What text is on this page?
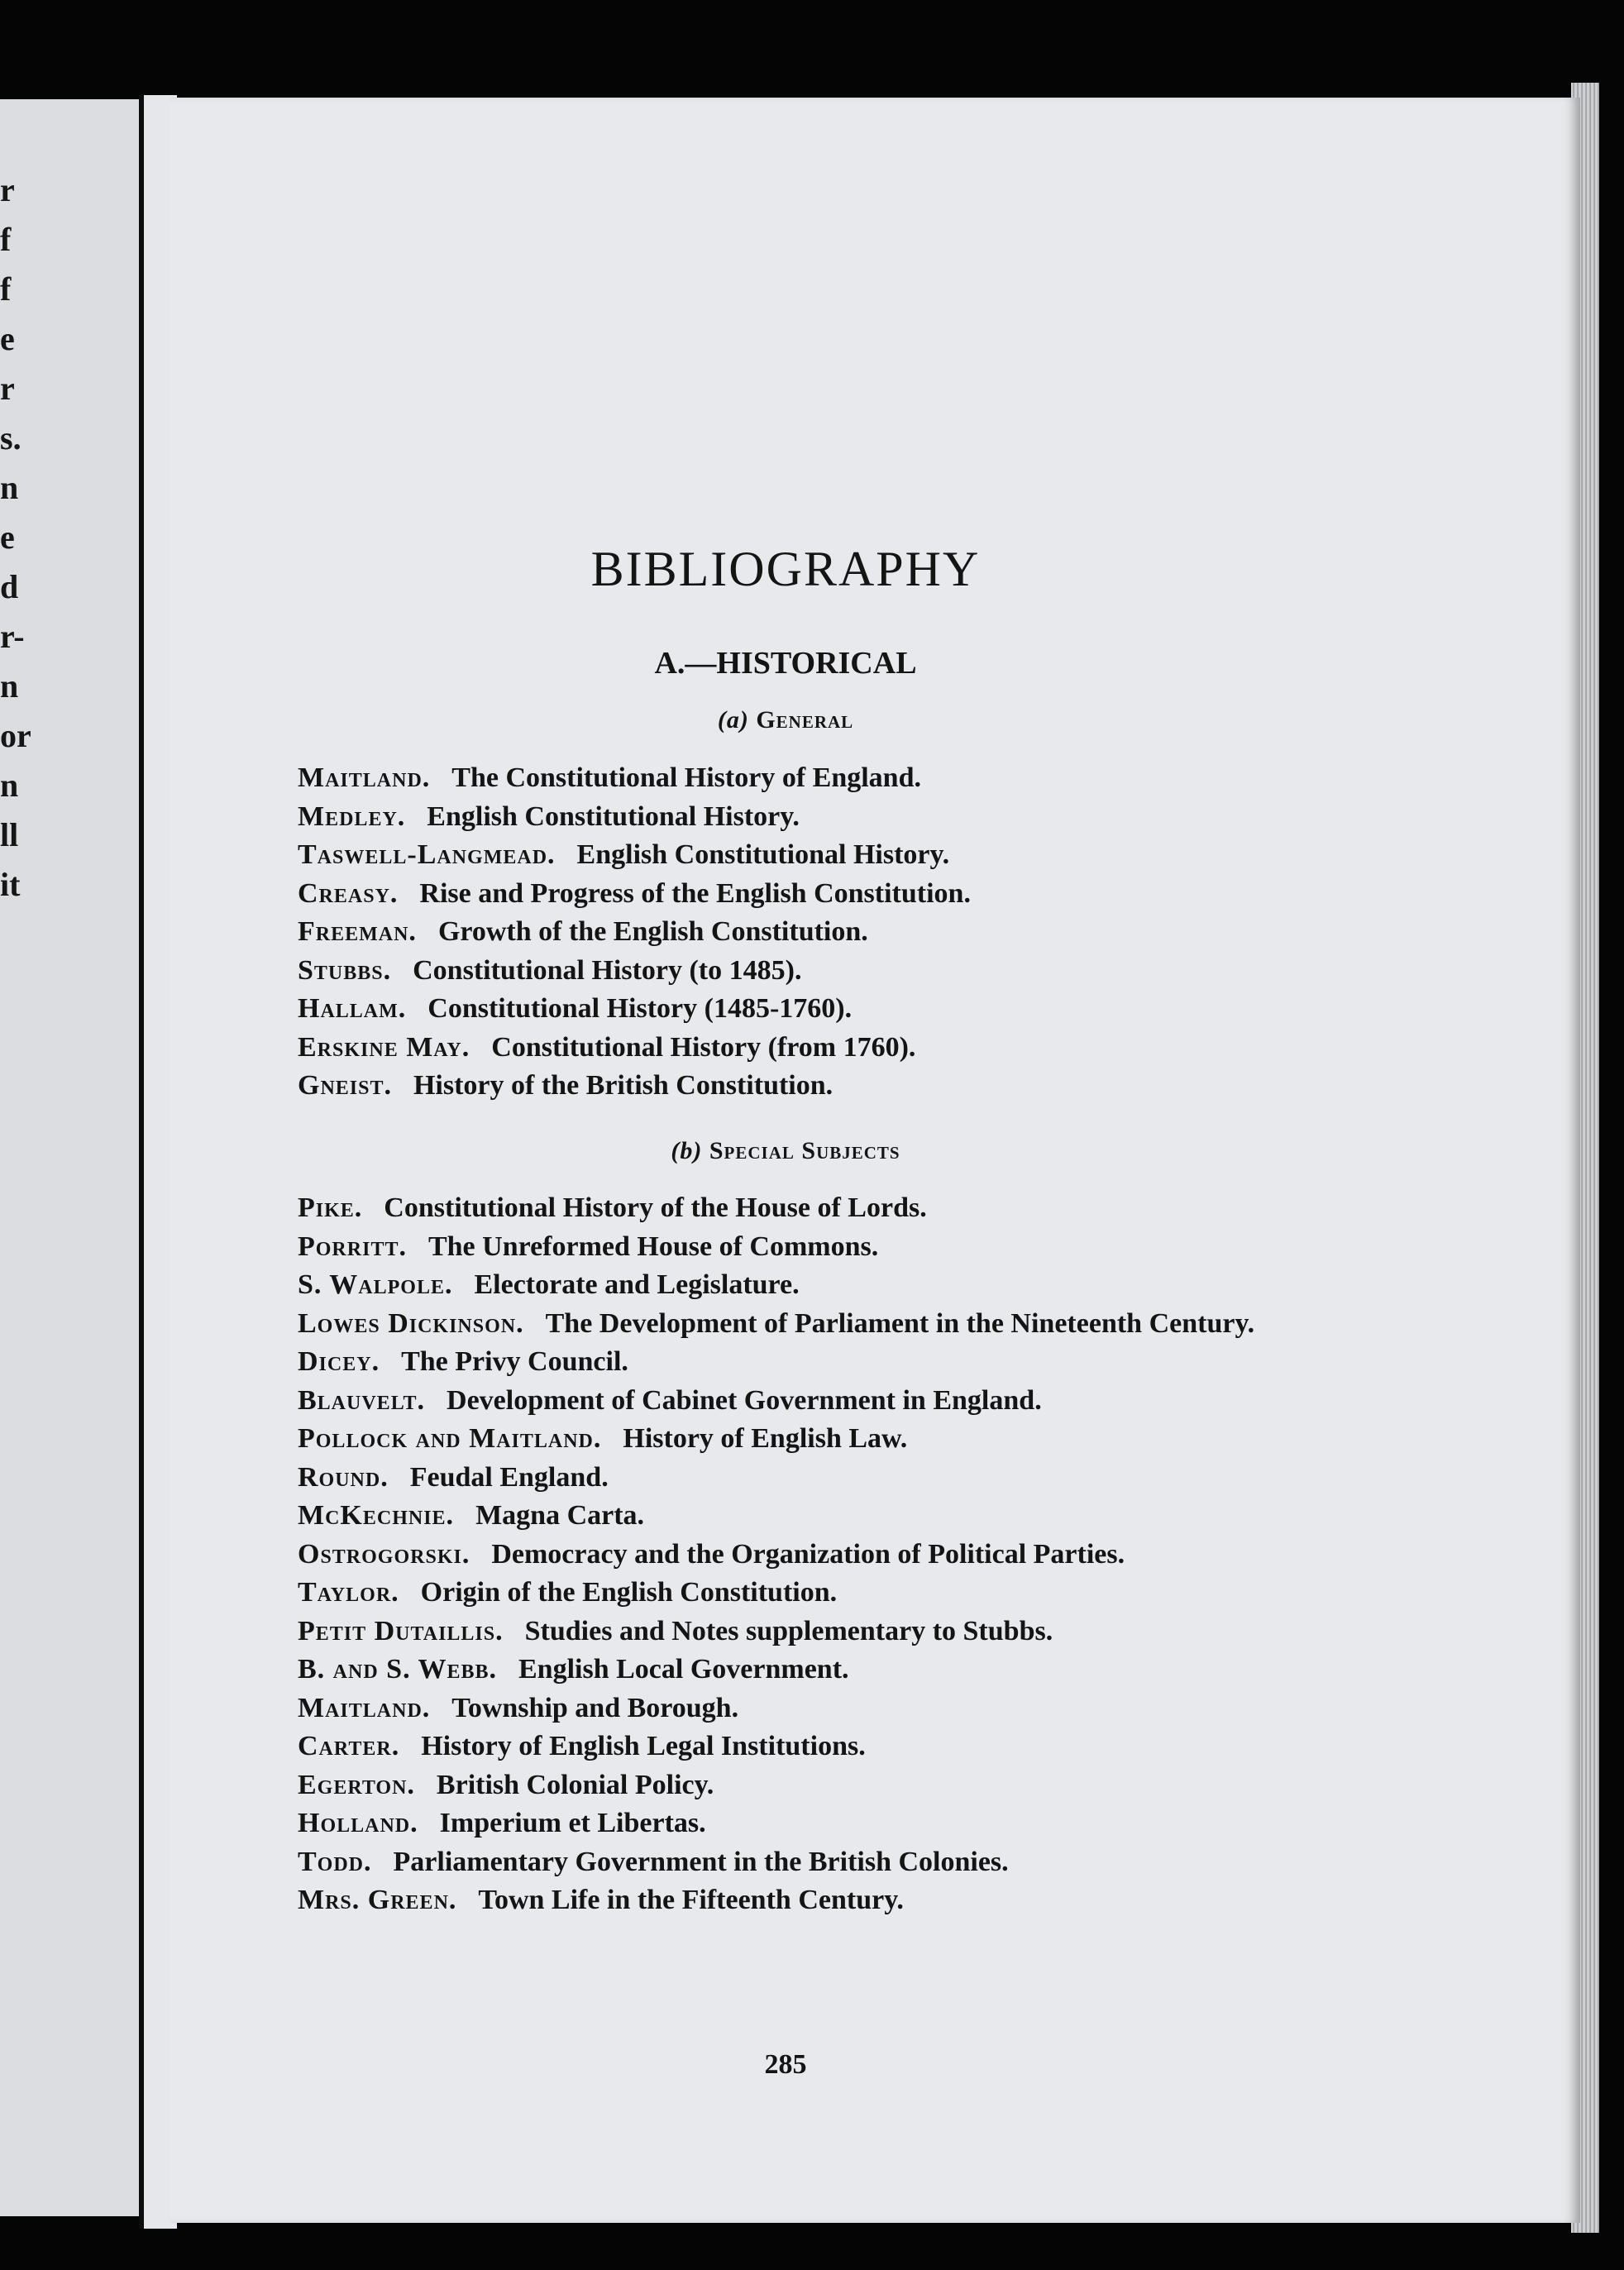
r
f
f
e
r
s.
n
e
d
r-
n
or
n
ll
it
BIBLIOGRAPHY
A.—HISTORICAL
(a) General
Maitland. The Constitutional History of England.
Medley. English Constitutional History.
Taswell-Langmead. English Constitutional History.
Creasy. Rise and Progress of the English Constitution.
Freeman. Growth of the English Constitution.
Stubbs. Constitutional History (to 1485).
Hallam. Constitutional History (1485-1760).
Erskine May. Constitutional History (from 1760).
Gneist. History of the British Constitution.
(b) Special Subjects
Pike. Constitutional History of the House of Lords.
Porritt. The Unreformed House of Commons.
S. Walpole. Electorate and Legislature.
Lowes Dickinson. The Development of Parliament in the Nineteenth Century.
Dicey. The Privy Council.
Blauvelt. Development of Cabinet Government in England.
Pollock and Maitland. History of English Law.
Round. Feudal England.
McKechnie. Magna Carta.
Ostrogorski. Democracy and the Organization of Political Parties.
Taylor. Origin of the English Constitution.
Petit Dutaillis. Studies and Notes supplementary to Stubbs.
B. and S. Webb. English Local Government.
Maitland. Township and Borough.
Carter. History of English Legal Institutions.
Egerton. British Colonial Policy.
Holland. Imperium et Libertas.
Todd. Parliamentary Government in the British Colonies.
Mrs. Green. Town Life in the Fifteenth Century.

285
